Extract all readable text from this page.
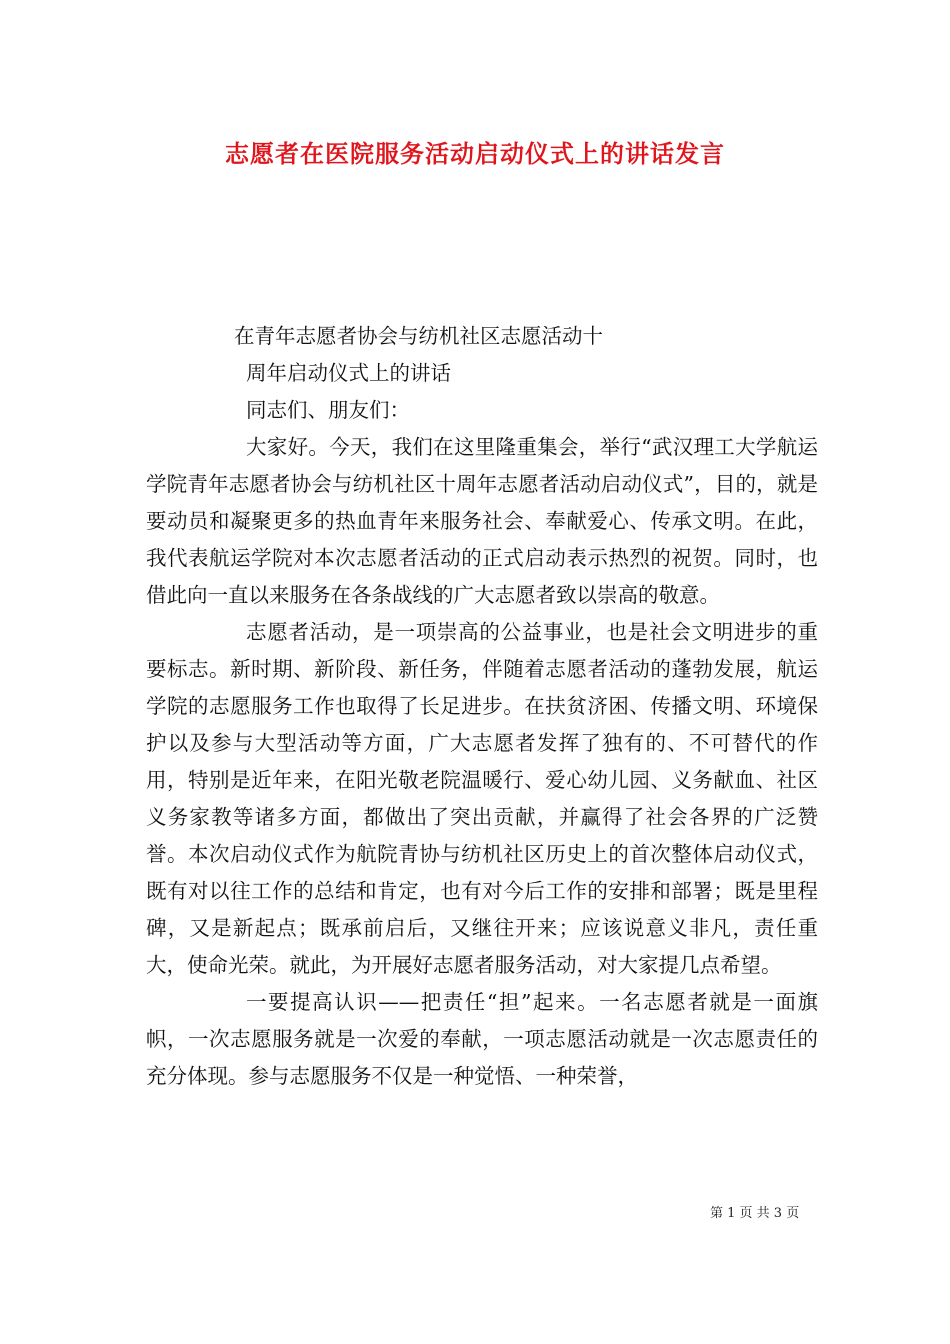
志愿者在医院服务活动启动仪式上的讲话发言

在青年志愿者协会与纺机社区志愿活动十

周年启动仪式上的讲话

同志们、朋友们：

大家好。今天，我们在这里隆重集会，举行“武汉理工大学航运学院青年志愿者协会与纺机社区十周年志愿者活动启动仪式”，目的，就是要动员和凝聚更多的热血青年来服务社会、奉献爱心、传承文明。在此，我代表航运学院对本次志愿者活动的正式启动表示热烈的祝贺。同时，也借此向一直以来服务在各条战线的广大志愿者致以崇高的敬意。

志愿者活动，是一项崇高的公益事业，也是社会文明进步的重要标志。新时期、新阶段、新任务，伴随着志愿者活动的蓬勃发展，航运学院的志愿服务工作也取得了长足进步。在扶贫济困、传播文明、环境保护以及参与大型活动等方面，广大志愿者发挥了独有的、不可替代的作用，特别是近年来，在阳光敬老院温暖行、爱心幼儿园、义务献血、社区义务家教等诸多方面，都做出了突出贡献，并赢得了社会各界的广泛赞誉。本次启动仪式作为航院青协与纺机社区历史上的首次整体启动仪式，既有对以往工作的总结和肯定，也有对今后工作的安排和部署；既是里程碑，又是新起点；既承前启后，又继往开来；应该说意义非凡，责任重大，使命光荣。就此，为开展好志愿者服务活动，对大家提几点希望。

一要提高认识——把责任“担”起来。一名志愿者就是一面旗帜，一次志愿服务就是一次爱的奉献，一项志愿活动就是一次志愿责任的充分体现。参与志愿服务不仅是一种觉悟、一种荣誉，

第 1 页 共 3 页
